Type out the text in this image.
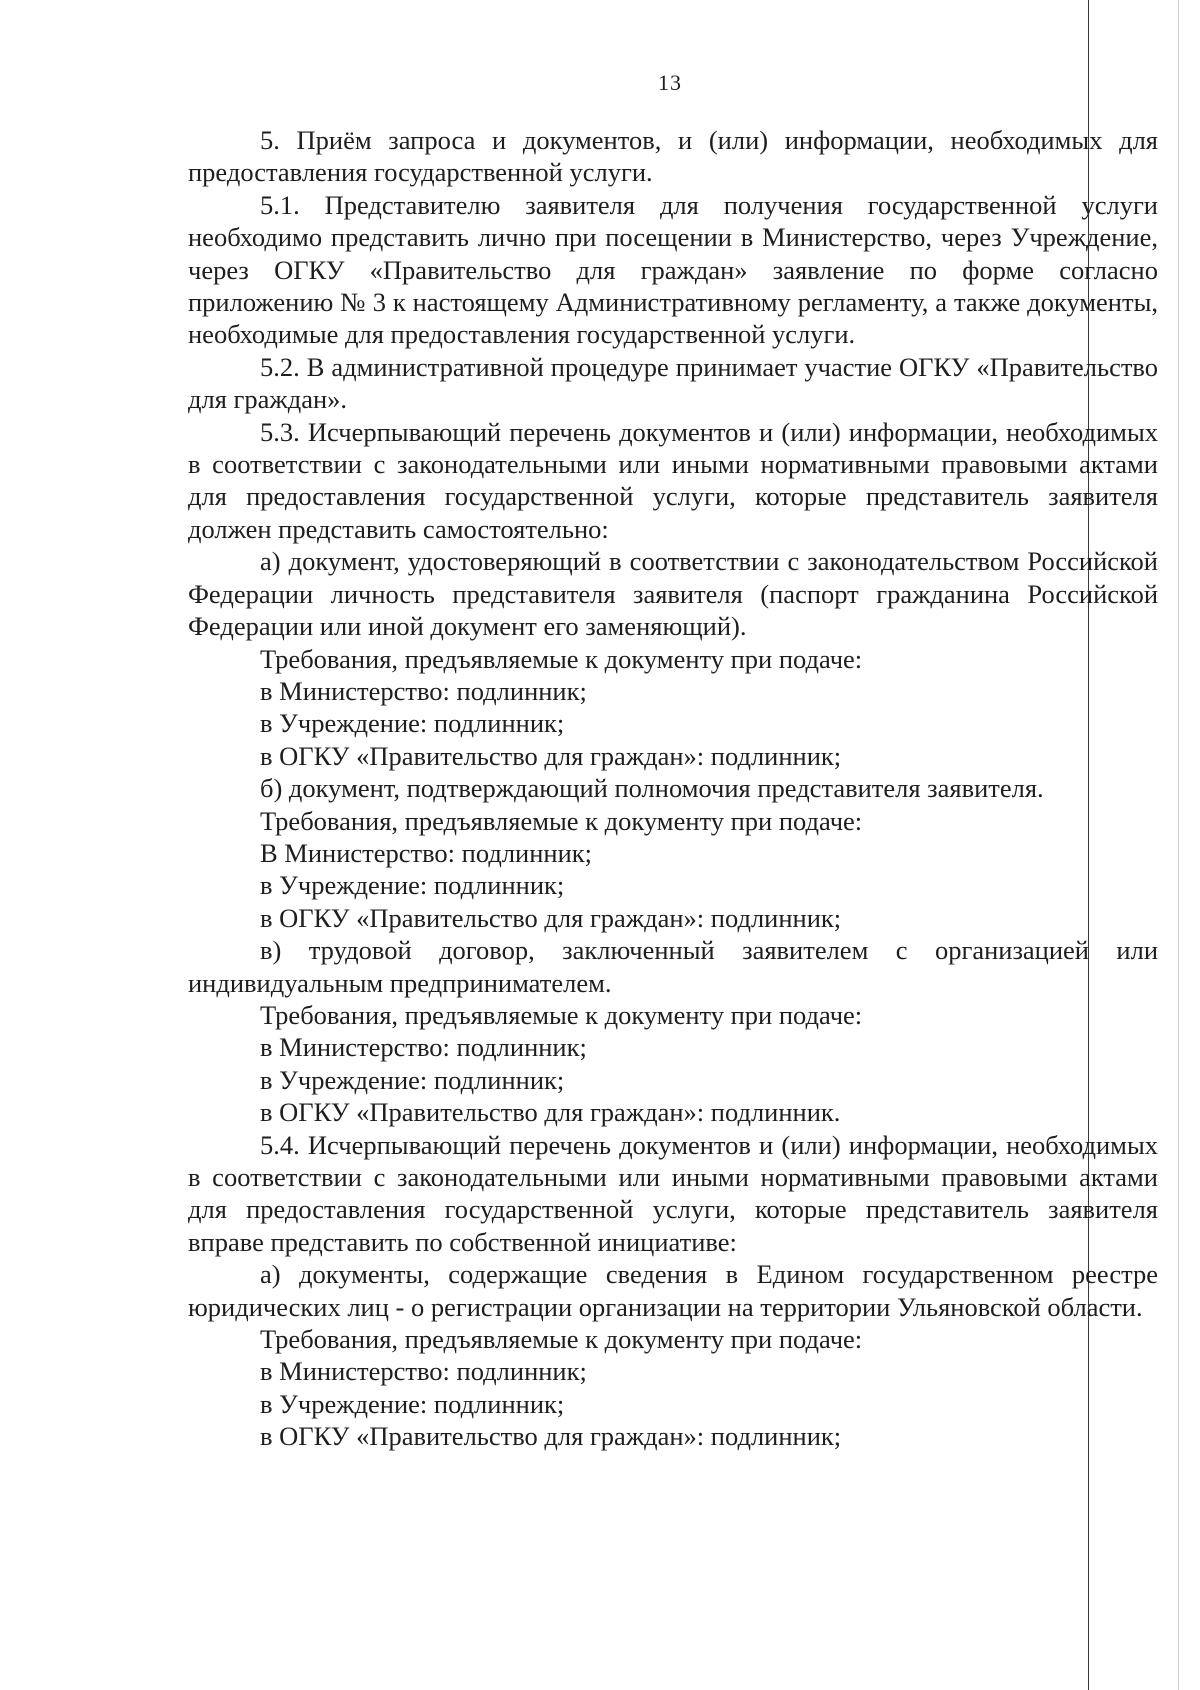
13

5. Приём запроса и документов, и (или) информации, необходимых для предоставления государственной услуги.

5.1. Представителю заявителя для получения государственной услуги необходимо представить лично при посещении в Министерство, через Учреждение, через ОГКУ «Правительство для граждан» заявление по форме согласно приложению № 3 к настоящему Административному регламенту, а также документы, необходимые для предоставления государственной услуги.

5.2. В административной процедуре принимает участие ОГКУ «Правительство для граждан».

5.3. Исчерпывающий перечень документов и (или) информации, необходимых в соответствии с законодательными или иными нормативными правовыми актами для предоставления государственной услуги, которые представитель заявителя должен представить самостоятельно:

а) документ, удостоверяющий в соответствии с законодательством Российской Федерации личность представителя заявителя (паспорт гражданина Российской Федерации или иной документ его заменяющий).

Требования, предъявляемые к документу при подаче:

в Министерство: подлинник;

в Учреждение: подлинник;

в ОГКУ «Правительство для граждан»: подлинник;

б) документ, подтверждающий полномочия представителя заявителя.

Требования, предъявляемые к документу при подаче:

В Министерство: подлинник;

в Учреждение: подлинник;

в ОГКУ «Правительство для граждан»: подлинник;

в) трудовой договор, заключенный заявителем с организацией или индивидуальным предпринимателем.

Требования, предъявляемые к документу при подаче:

в Министерство: подлинник;

в Учреждение: подлинник;

в ОГКУ «Правительство для граждан»: подлинник.

5.4. Исчерпывающий перечень документов и (или) информации, необходимых в соответствии с законодательными или иными нормативными правовыми актами для предоставления государственной услуги, которые представитель заявителя вправе представить по собственной инициативе:

а) документы, содержащие сведения в Едином государственном реестре юридических лиц - о регистрации организации на территории Ульяновской области.

Требования, предъявляемые к документу при подаче:

в Министерство: подлинник;

в Учреждение: подлинник;

в ОГКУ «Правительство для граждан»: подлинник;
